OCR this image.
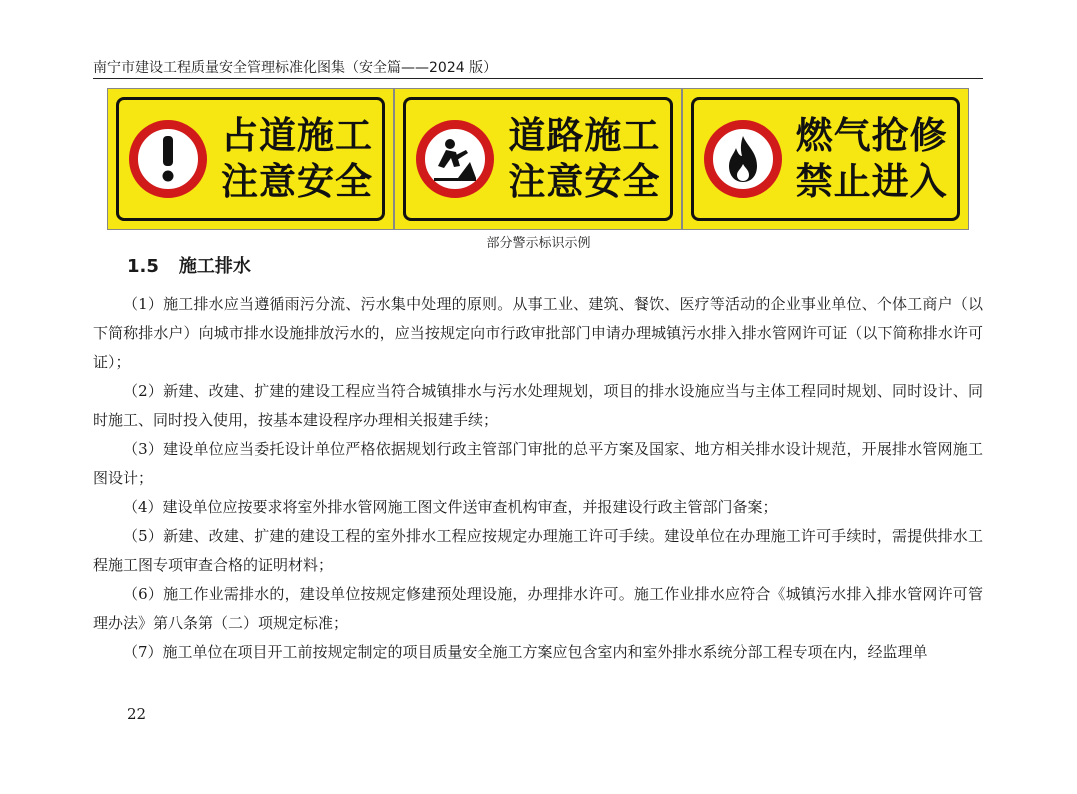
南宁市建设工程质量安全管理标准化图集（安全篇——2024 版）
占道施工
注意安全
道路施工
注意安全
燃气抢修
禁止进入
部分警示标识示例
1.5 施工排水

（1）施工排水应当遵循雨污分流、污水集中处理的原则。从事工业、建筑、餐饮、医疗等活动的企业事业单位、个体工商户（以下简称排水户）向城市排水设施排放污水的，应当按规定向市行政审批部门申请办理城镇污水排入排水管网许可证（以下简称排水许可证）；

（2）新建、改建、扩建的建设工程应当符合城镇排水与污水处理规划，项目的排水设施应当与主体工程同时规划、同时设计、同时施工、同时投入使用，按基本建设程序办理相关报建手续；

（3）建设单位应当委托设计单位严格依据规划行政主管部门审批的总平方案及国家、地方相关排水设计规范，开展排水管网施工图设计；

（4）建设单位应按要求将室外排水管网施工图文件送审查机构审查，并报建设行政主管部门备案；

（5）新建、改建、扩建的建设工程的室外排水工程应按规定办理施工许可手续。建设单位在办理施工许可手续时，需提供排水工程施工图专项审查合格的证明材料；

（6）施工作业需排水的，建设单位按规定修建预处理设施，办理排水许可。施工作业排水应符合《城镇污水排入排水管网许可管理办法》第八条第（二）项规定标准；

（7）施工单位在项目开工前按规定制定的项目质量安全施工方案应包含室内和室外排水系统分部工程专项在内，经监理单

22
